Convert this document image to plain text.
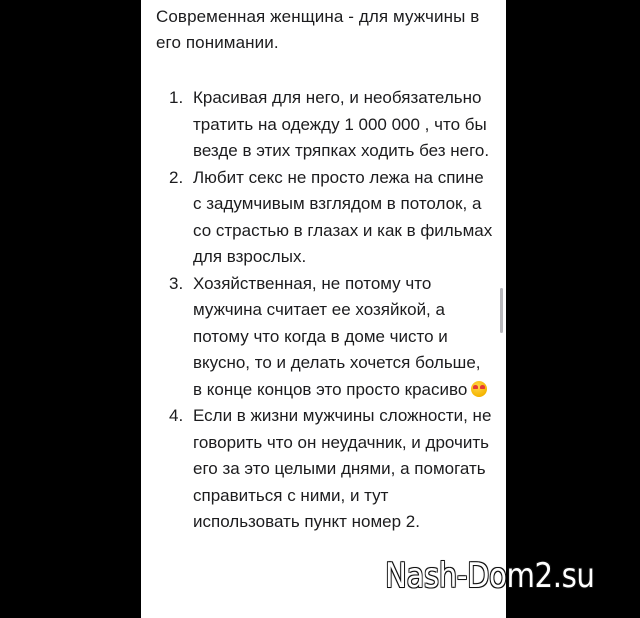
Современная женщина - для мужчины в его понимании.
1. Красивая для него, и необязательно тратить на одежду 1 000 000 , что бы везде в этих тряпках ходить без него.
2. Любит секс не просто лежа на спине с задумчивым взглядом в потолок, а со страстью в глазах и как в фильмах для взрослых.
3. Хозяйственная, не потому что мужчина считает ее хозяйкой, а потому что когда в доме чисто и вкусно, то и делать хочется больше, в конце концов это просто красиво
4. Если в жизни мужчины сложности, не говорить что он неудачник, и дрочить его за это целыми днями, а помогать справиться с ними, и тут использовать пункт номер 2.
Nash-Dom2.su
